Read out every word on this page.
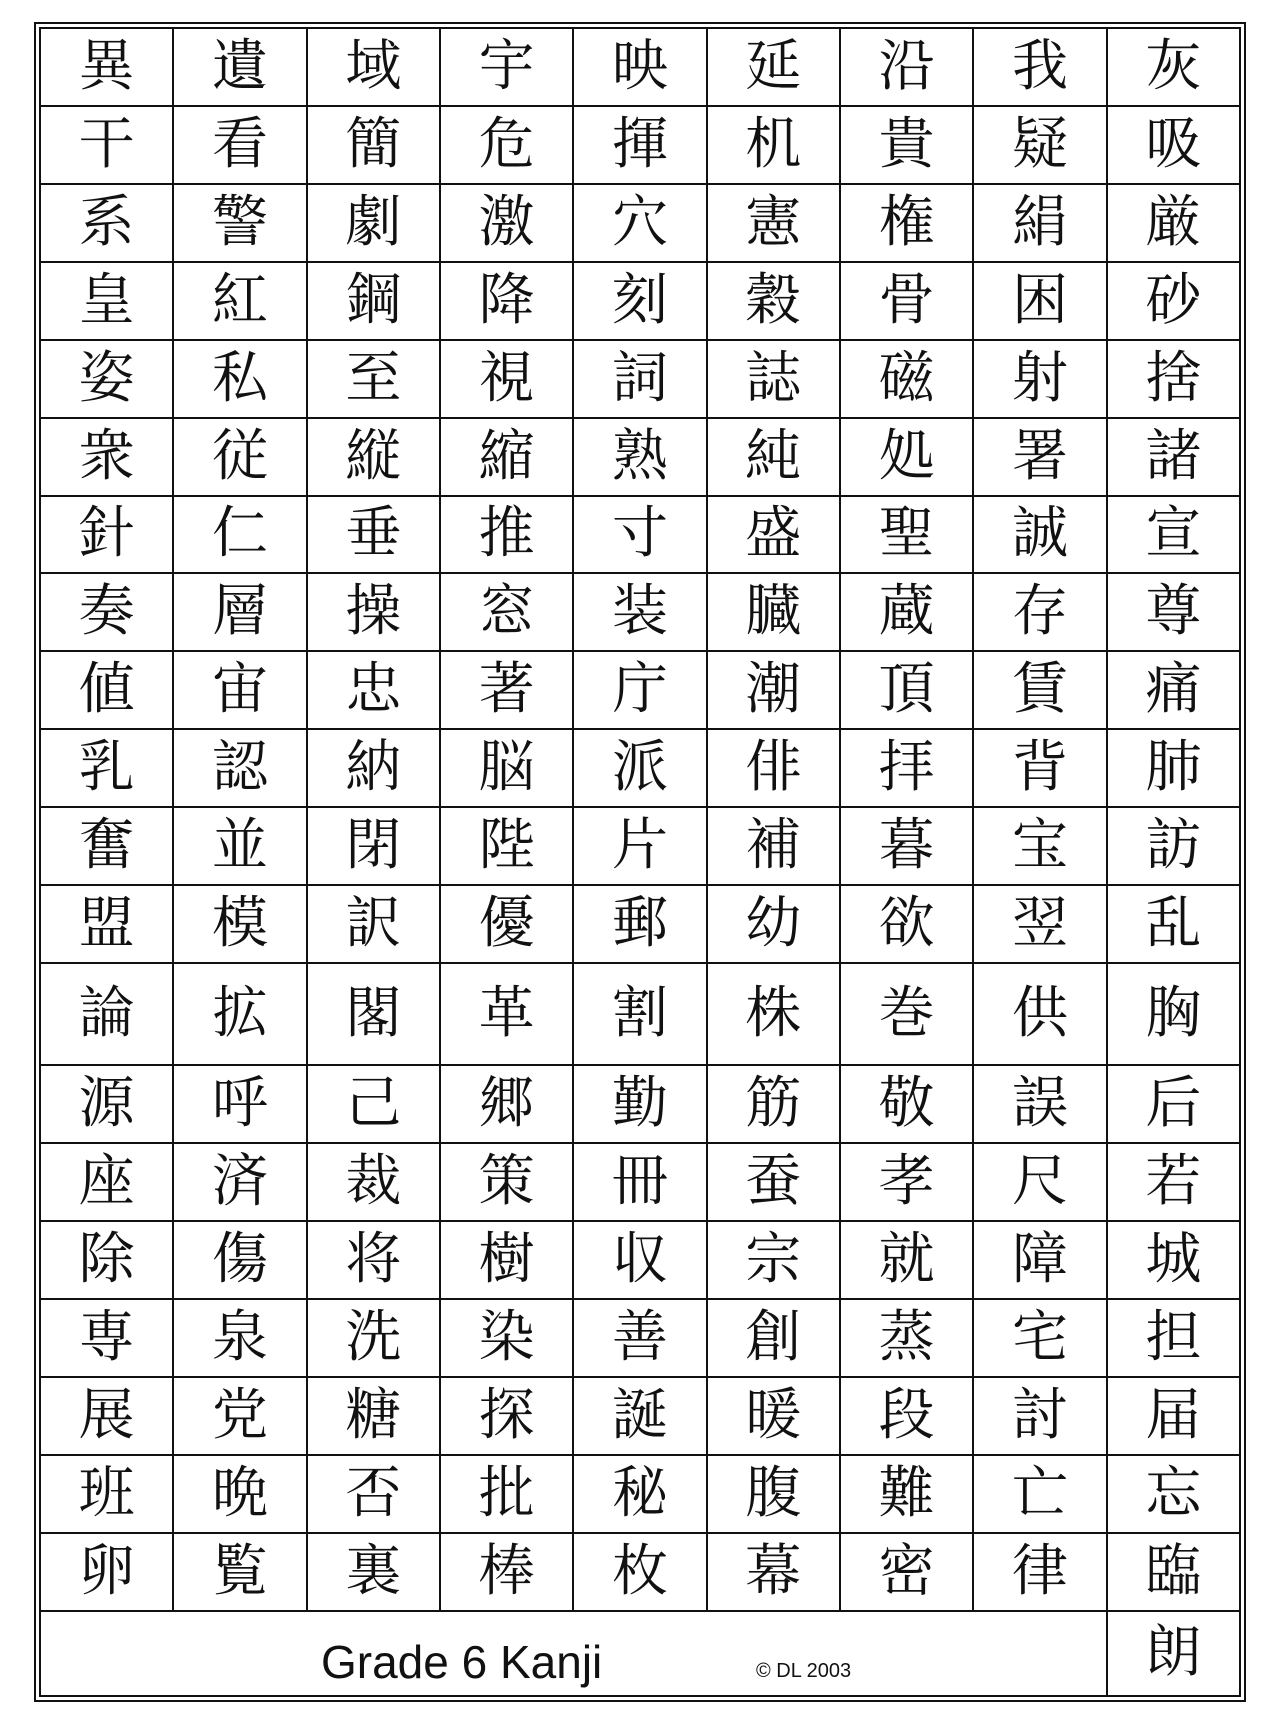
異	遺	域	宇	映	延	沿	我	灰
干	看	簡	危	揮	机	貴	疑	吸
系	警	劇	激	穴	憲	権	絹	厳
皇	紅	鋼	降	刻	穀	骨	困	砂
姿	私	至	視	詞	誌	磁	射	捨
衆	従	縦	縮	熟	純	処	署	諸
針	仁	垂	推	寸	盛	聖	誠	宣
奏	層	操	窓	装	臓	蔵	存	尊
値	宙	忠	著	庁	潮	頂	賃	痛
乳	認	納	脳	派	俳	拝	背	肺
奮	並	閉	陛	片	補	暮	宝	訪
盟	模	訳	優	郵	幼	欲	翌	乱
論	拡	閣	革	割	株	巻	供	胸
源	呼	己	郷	勤	筋	敬	誤	后
座	済	裁	策	冊	蚕	孝	尺	若
除	傷	将	樹	収	宗	就	障	城
専	泉	洗	染	善	創	蒸	宅	担
展	党	糖	探	誕	暖	段	討	届
班	晩	否	批	秘	腹	難	亡	忘
卵	覧	裏	棒	枚	幕	密	律	臨

Grade 6 Kanji © DL 2003								朗
